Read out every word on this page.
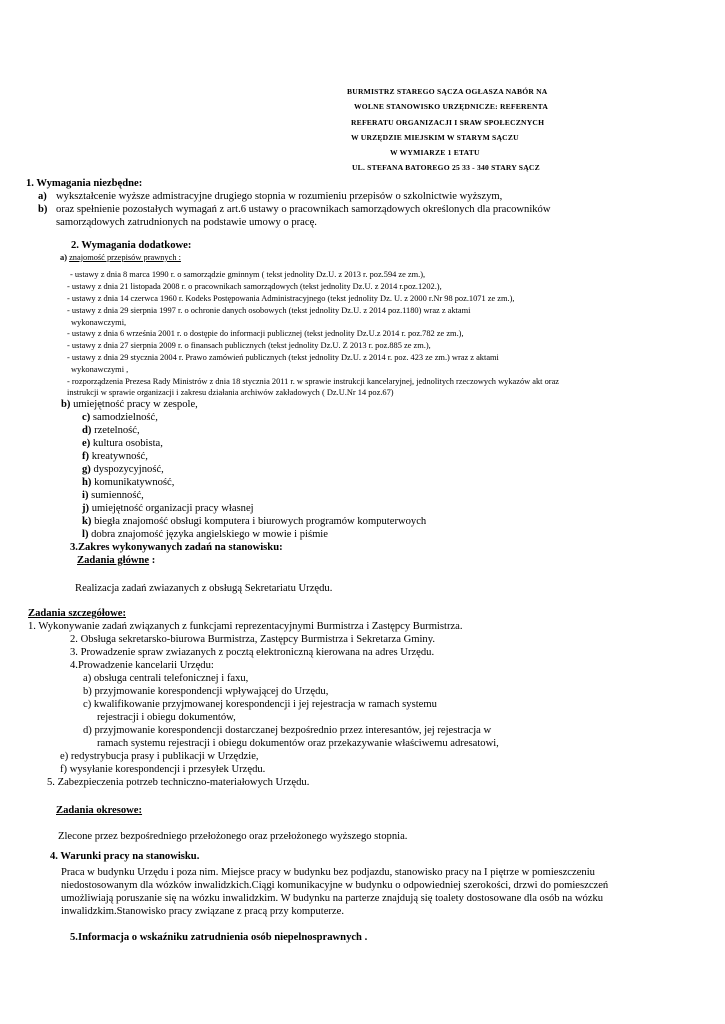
BURMISTRZ STAREGO SĄCZA OGŁASZA NABÓR NA
WOLNE STANOWISKO URZĘDNICZE: REFERENTA
REFERATU ORGANIZACJI I SRAW SPOŁECZNYCH
W URZĘDZIE MIEJSKIM W STARYM SĄCZU
W WYMIARZE 1 ETATU
UL. STEFANA BATOREGO 25 33 - 340 STARY SĄCZ
1. Wymagania niezbędne:
a) wykształcenie wyższe admistracyjne drugiego stopnia w rozumieniu przepisów o szkolnictwie wyższym,
b) oraz spełnienie pozostałych wymagań z art.6 ustawy o pracownikach samorządowych określonych dla pracowników
samorządowych zatrudnionych na podstawie umowy o pracę.
2. Wymagania dodatkowe:
a) znajomość przepisów prawnych :
- ustawy z dnia 8 marca 1990 r. o samorządzie gminnym ( tekst jednolity Dz.U. z 2013 r. poz.594 ze zm.),
- ustawy z dnia 21 listopada 2008 r. o pracownikach samorządowych (tekst jednolity Dz.U. z 2014 r.poz.1202.),
- ustawy z dnia 14 czerwca 1960 r. Kodeks Postępowania Administracyjnego (tekst jednolity Dz. U. z 2000 r.Nr 98 poz.1071 ze zm.),
- ustawy z dnia 29 sierpnia 1997 r. o ochronie danych osobowych (tekst jednolity Dz.U. z 2014 poz.1180) wraz z aktami
wykonawczymi,
- ustawy z dnia 6 września 2001 r. o dostępie do informacji publicznej (tekst jednolity Dz.U.z 2014 r. poz.782 ze zm.),
- ustawy z dnia 27 sierpnia 2009 r. o finansach publicznych (tekst jednolity Dz.U. Z 2013 r. poz.885 ze zm.),
- ustawy z dnia 29 stycznia 2004 r. Prawo zamówień publicznych (tekst jednolity Dz.U. z 2014 r. poz. 423 ze zm.) wraz z aktami
wykonawczymi ,
- rozporządzenia Prezesa Rady Ministrów z dnia 18 stycznia 2011 r. w sprawie instrukcji kancelaryjnej, jednolitych rzeczowych wykazów akt oraz
instrukcji w sprawie organizacji i zakresu działania archiwów zakładowych ( Dz.U.Nr 14 poz.67)
b) umiejętność pracy w zespole,
c) samodzielność,
d) rzetelność,
e) kultura osobista,
f) kreatywność,
g) dyspozycyjność,
h) komunikatywność,
i) sumienność,
j) umiejętność organizacji pracy własnej
k) biegła znajomość obsługi komputera i biurowych programów komputerwoych
l) dobra znajomość języka angielskiego w mowie i piśmie
3.Zakres wykonywanych zadań na stanowisku:
Zadania główne :
Realizacja zadań zwiazanych z obsługą Sekretariatu Urzędu.
Zadania szczegółowe:
1. Wykonywanie zadań związanych z funkcjami reprezentacyjnymi Burmistrza i Zastępcy Burmistrza.
2. Obsługa sekretarsko-biurowa Burmistrza, Zastępcy Burmistrza i Sekretarza Gminy.
3. Prowadzenie spraw zwiazanych z pocztą elektroniczną kierowana na adres Urzędu.
4.Prowadzenie kancelarii Urzędu:
a) obsługa centrali telefonicznej i faxu,
b) przyjmowanie korespondencji wpływającej do Urzędu,
c) kwalifikowanie przyjmowanej korespondencji i jej rejestracja w ramach systemu
rejestracji i obiegu dokumentów,
d) przyjmowanie korespondencji dostarczanej bezpośrednio przez interesantów, jej rejestracja w
ramach systemu rejestracji i obiegu dokumentów oraz przekazywanie właściwemu adresatowi,
e) redystrybucja prasy i publikacji w Urzędzie,
f) wysyłanie korespondencji i przesyłek Urzędu.
5. Zabezpieczenia potrzeb techniczno-materiałowych Urzędu.
Zadania okresowe:
Zlecone przez bezpośredniego przełożonego oraz przełożonego wyższego stopnia.
4. Warunki pracy na stanowisku.
Praca w budynku Urzędu i poza nim. Miejsce pracy w budynku bez podjazdu, stanowisko pracy na I piętrze w pomieszczeniu
niedostosowanym dla wózków inwalidzkich.Ciągi komunikacyjne w budynku o odpowiedniej szerokości, drzwi do pomieszczeń
umożliwiają poruszanie się na wózku inwalidzkim. W budynku na parterze znajdują się toalety dostosowane dla osób na wózku
inwalidzkim.Stanowisko pracy związane z pracą przy komputerze.
5.Informacja o wskaźniku zatrudnienia osób niepelnosprawnych .
